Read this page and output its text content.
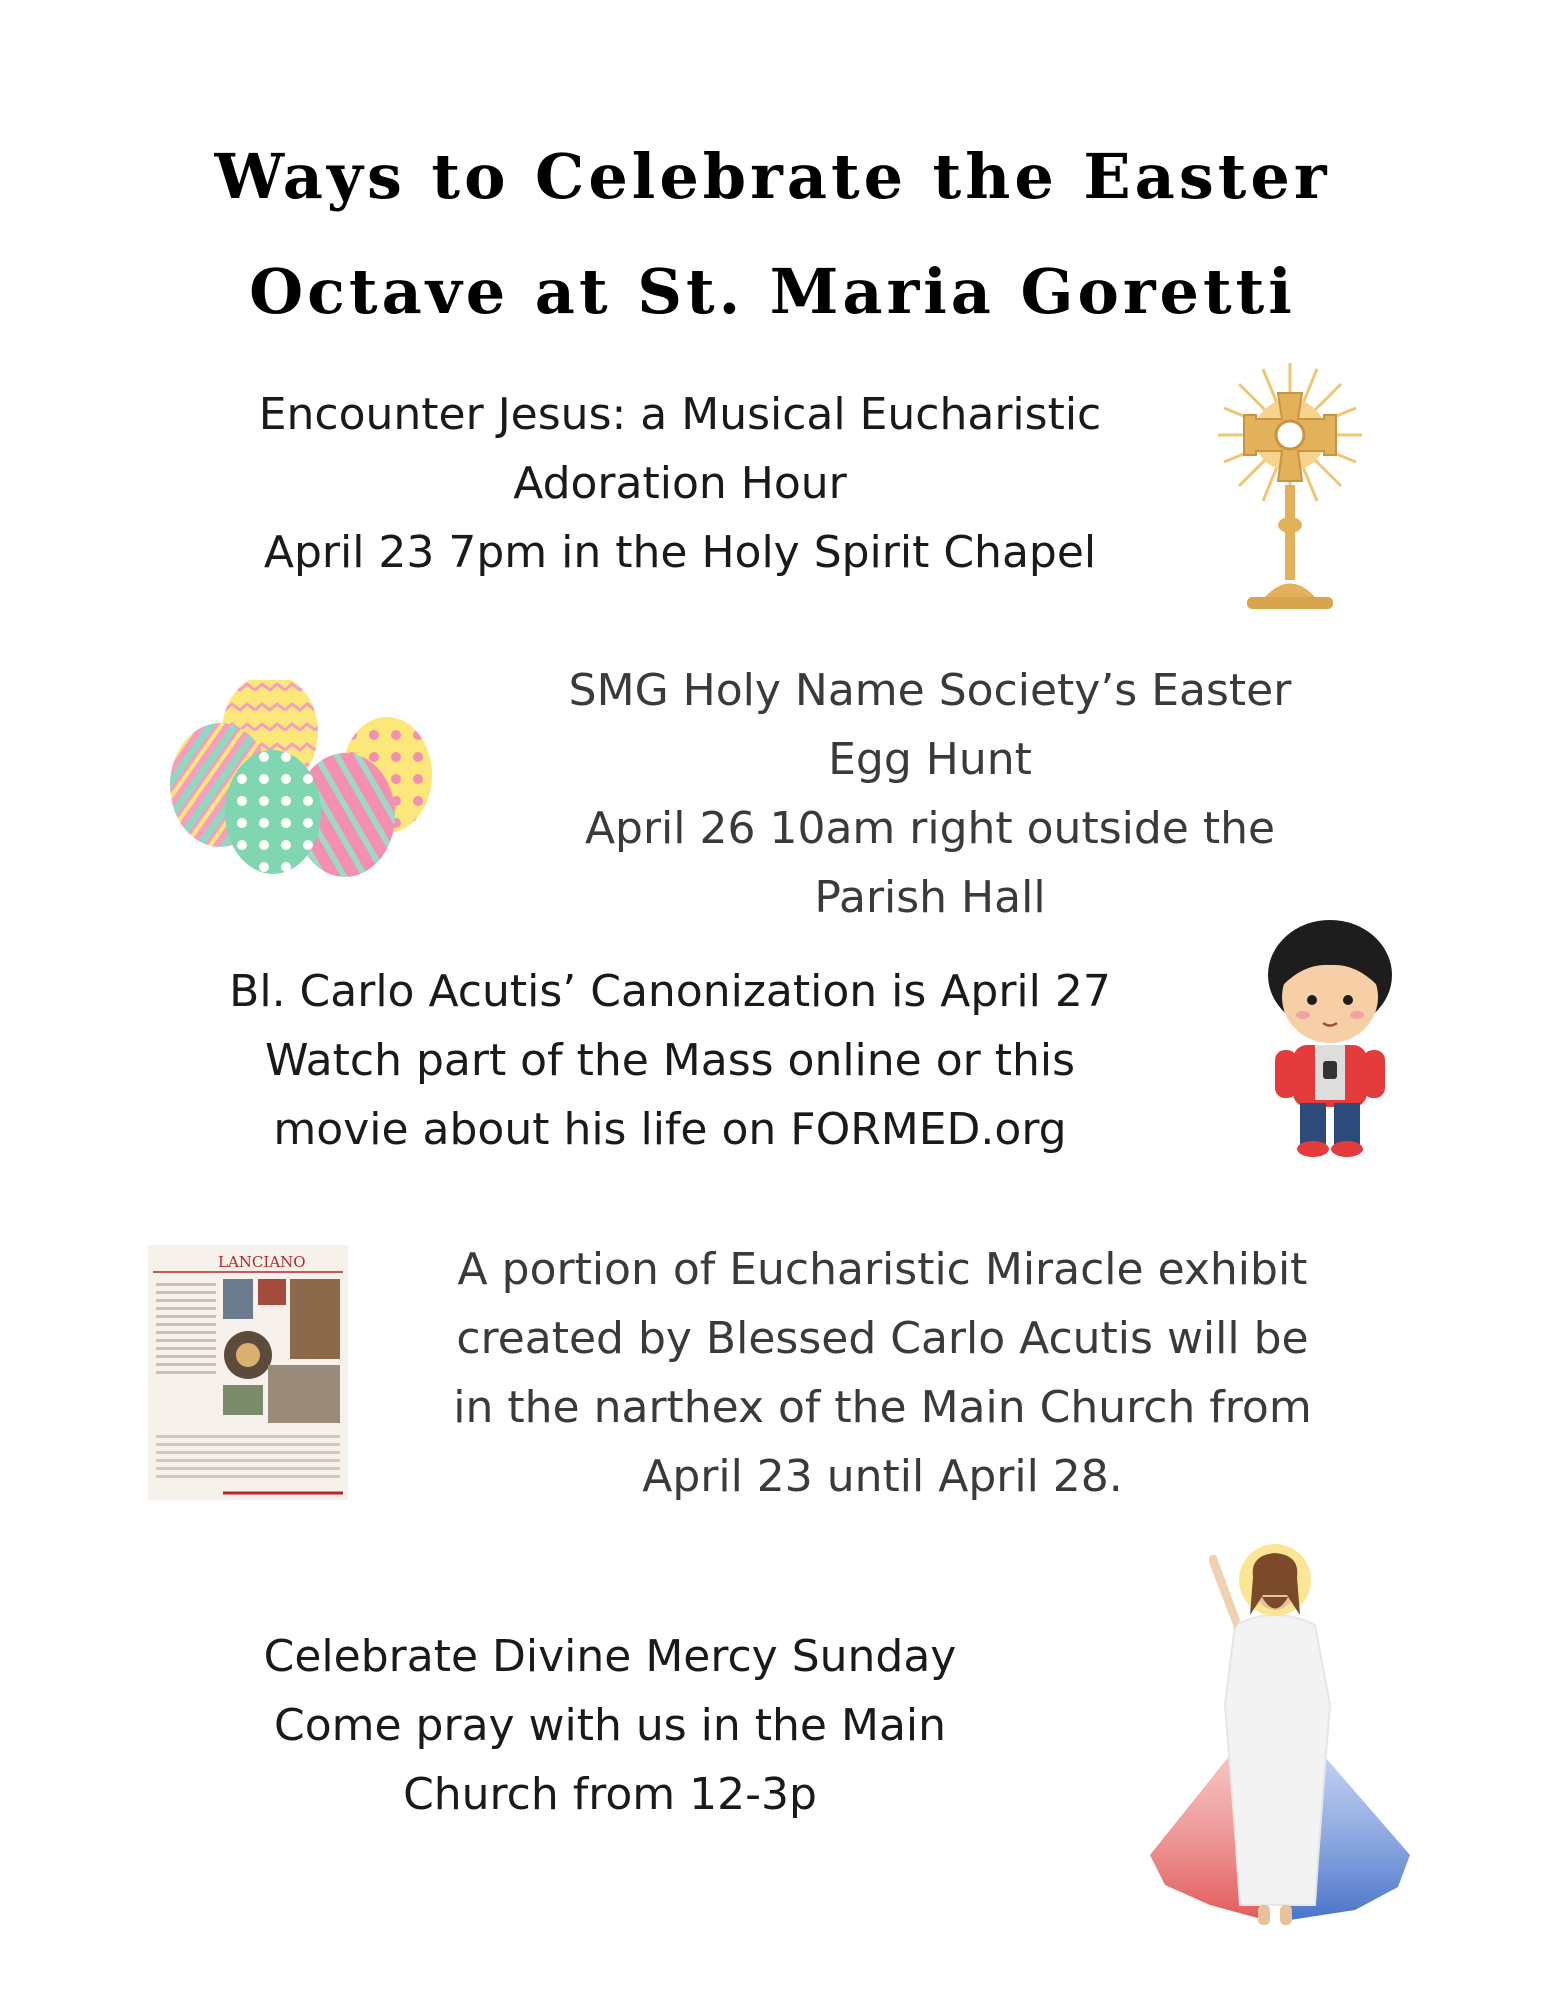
Ways to Celebrate the Easter
Octave at St. Maria Goretti
Encounter Jesus: a Musical Eucharistic
Adoration Hour
April 23 7pm in the Holy Spirit Chapel
SMG Holy Name Society’s Easter
Egg Hunt
April 26 10am right outside the
Parish Hall
Bl. Carlo Acutis’ Canonization is April 27
Watch part of the Mass online or this
movie about his life on FORMED.org
LANCIANO	A portion of Eucharistic Miracle exhibit
created by Blessed Carlo Acutis will be
in the narthex of the Main Church from
April 23 until April 28.
Celebrate Divine Mercy Sunday
Come pray with us in the Main
Church from 12-3p
